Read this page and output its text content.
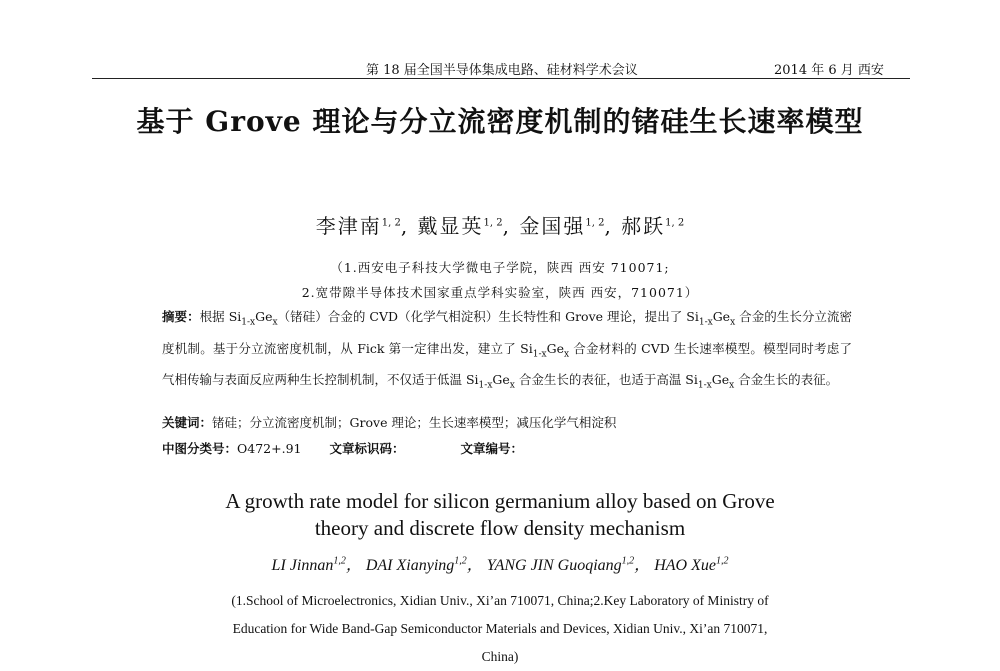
第 18 届全国半导体集成电路、硅材料学术会议	2014 年 6 月 西安
基于 Grove 理论与分立流密度机制的锗硅生长速率模型
李津南$^{1, 2}$, 戴显英$^{1, 2}$, 金国强$^{1, 2}$, 郝跃$^{1, 2}$
（1.西安电子科技大学微电子学院，陕西 西安 710071;
2.宽带隙半导体技术国家重点学科实验室，陕西 西安，710071）
摘要：根据 $Si_{1-x}Ge_x$（锗硅）合金的 CVD（化学气相淀积）生长特性和 Grove 理论，提出了 $Si_{1-x}Ge_x$ 合金的生长分立流密度机制。基于分立流密度机制，从 Fick 第一定律出发，建立了 $Si_{1-x}Ge_x$ 合金材料的 CVD 生长速率模型。模型同时考虑了气相传输与表面反应两种生长控制机制，不仅适于低温 $Si_{1-x}Ge_x$ 合金生长的表征，也适于高温 $Si_{1-x}Ge_x$ 合金生长的表征。
关键词：锗硅；分立流密度机制；Grove 理论；生长速率模型；减压化学气相淀积
中图分类号：O472+.91 文章标识码：	文章编号：
A growth rate model for silicon germanium alloy based on Grove
theory and discrete flow density mechanism
LI Jinnan$^{1,2}$， DAI Xianying$^{1,2}$， YANG JIN Guoqiang$^{1,2}$， HAO Xue$^{1,2}$
(1.School of Microelectronics, Xidian Univ., Xi’an 710071, China;2.Key Laboratory of Ministry of
Education for Wide Band-Gap Semiconductor Materials and Devices, Xidian Univ., Xi’an 710071,
China)
